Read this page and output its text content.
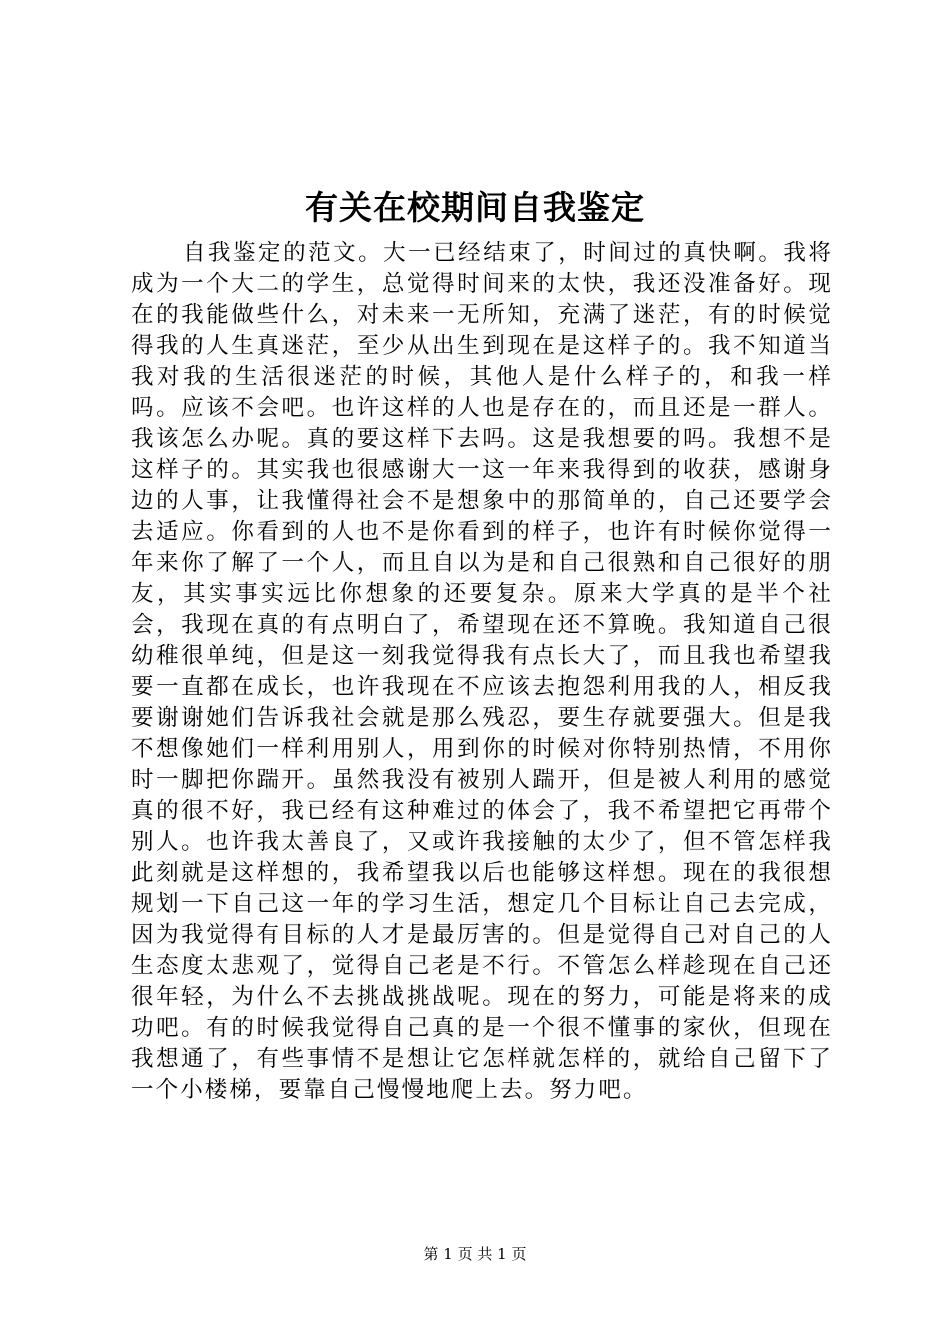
有关在校期间自我鉴定

自我鉴定的范文。大一已经结束了，时间过的真快啊。我将成为一个大二的学生，总觉得时间来的太快，我还没准备好。现在的我能做些什么，对未来一无所知，充满了迷茫，有的时候觉得我的人生真迷茫，至少从出生到现在是这样子的。我不知道当我对我的生活很迷茫的时候，其他人是什么样子的，和我一样吗。应该不会吧。也许这样的人也是存在的，而且还是一群人。我该怎么办呢。真的要这样下去吗。这是我想要的吗。我想不是这样子的。其实我也很感谢大一这一年来我得到的收获，感谢身边的人事，让我懂得社会不是想象中的那简单的，自己还要学会去适应。你看到的人也不是你看到的样子，也许有时候你觉得一年来你了解了一个人，而且自以为是和自己很熟和自己很好的朋友，其实事实远比你想象的还要复杂。原来大学真的是半个社会，我现在真的有点明白了，希望现在还不算晚。我知道自己很幼稚很单纯，但是这一刻我觉得我有点长大了，而且我也希望我要一直都在成长，也许我现在不应该去抱怨利用我的人，相反我要谢谢她们告诉我社会就是那么残忍，要生存就要强大。但是我不想像她们一样利用别人，用到你的时候对你特别热情，不用你时一脚把你踹开。虽然我没有被别人踹开，但是被人利用的感觉真的很不好，我已经有这种难过的体会了，我不希望把它再带个别人。也许我太善良了，又或许我接触的太少了，但不管怎样我此刻就是这样想的，我希望我以后也能够这样想。现在的我很想规划一下自己这一年的学习生活，想定几个目标让自己去完成，因为我觉得有目标的人才是最厉害的。但是觉得自己对自己的人生态度太悲观了，觉得自己老是不行。不管怎么样趁现在自己还很年轻，为什么不去挑战挑战呢。现在的努力，可能是将来的成功吧。有的时候我觉得自己真的是一个很不懂事的家伙，但现在我想通了，有些事情不是想让它怎样就怎样的，就给自己留下了一个小楼梯，要靠自己慢慢地爬上去。努力吧。

第 1 页 共 1 页
